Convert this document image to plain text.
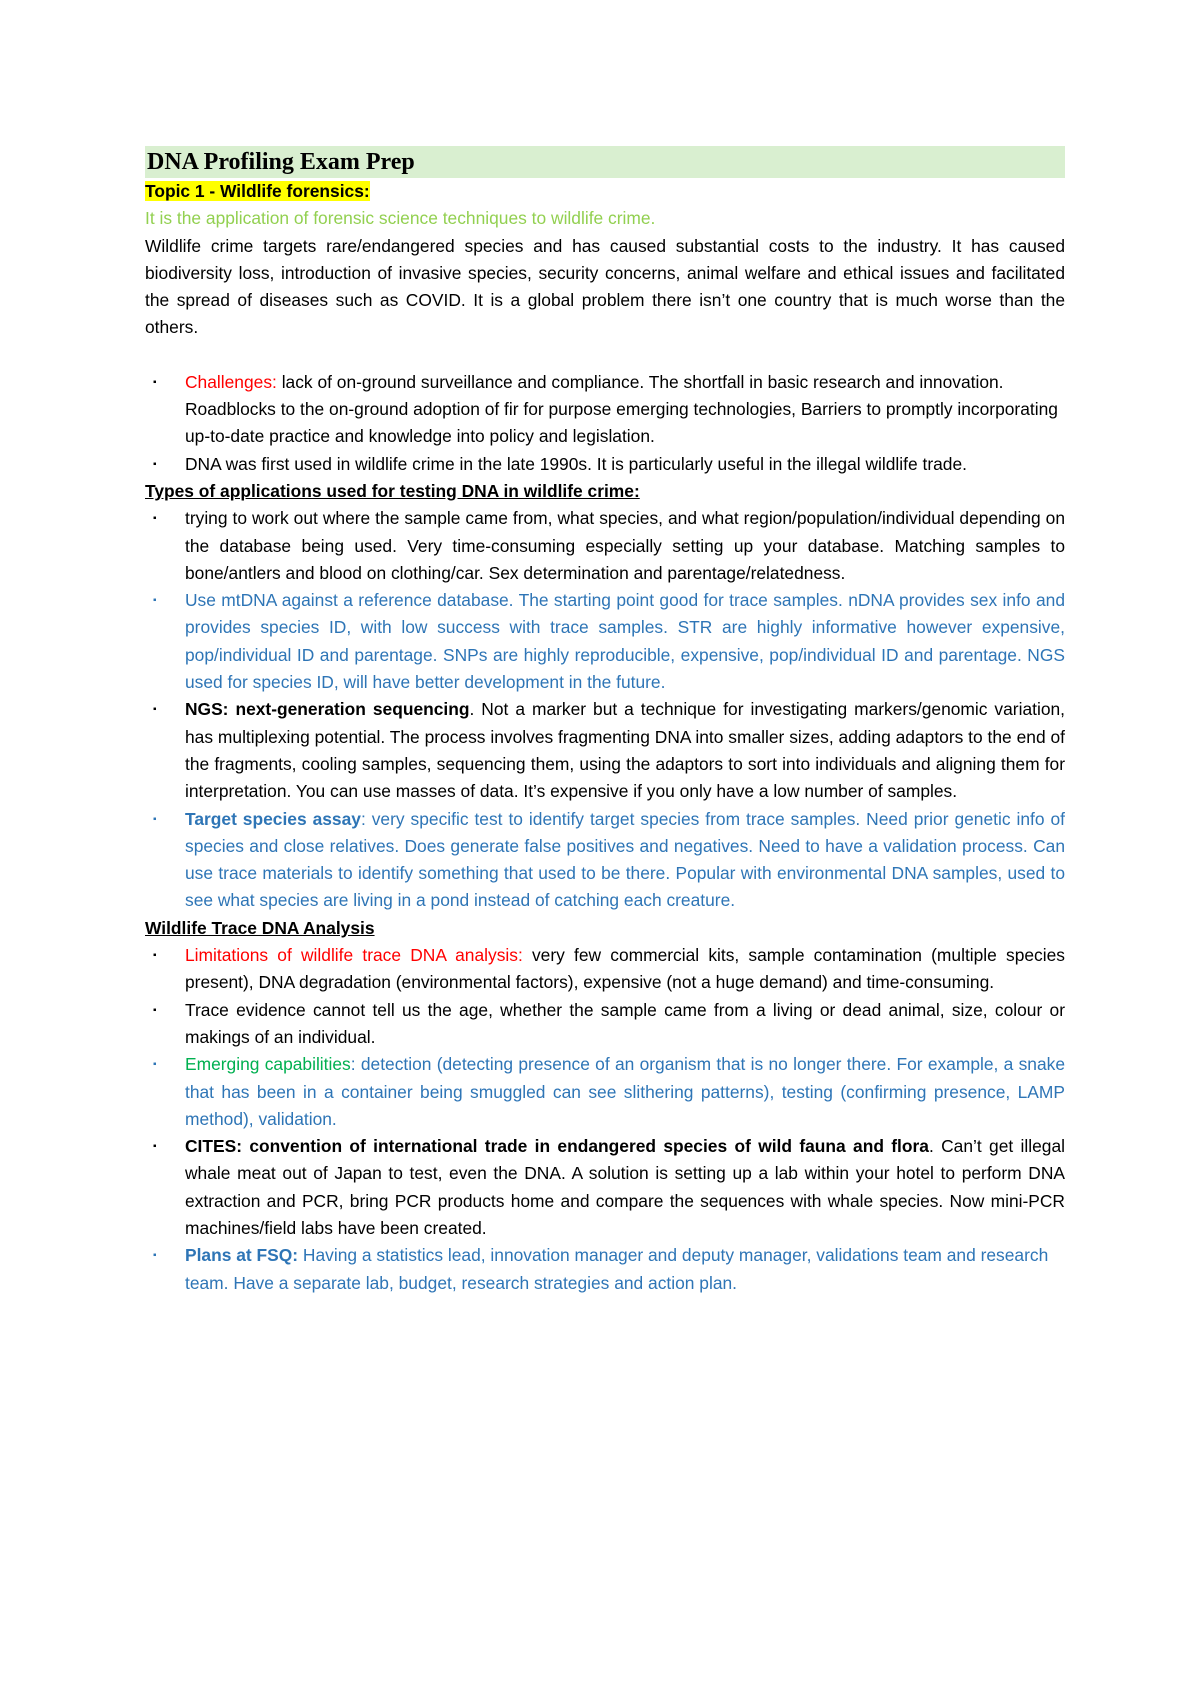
DNA Profiling Exam Prep
Topic 1 - Wildlife forensics:
It is the application of forensic science techniques to wildlife crime.
Wildlife crime targets rare/endangered species and has caused substantial costs to the industry. It has caused biodiversity loss, introduction of invasive species, security concerns, animal welfare and ethical issues and facilitated the spread of diseases such as COVID. It is a global problem there isn’t one country that is much worse than the others.
▪ Challenges: lack of on-ground surveillance and compliance. The shortfall in basic research and innovation. Roadblocks to the on-ground adoption of fir for purpose emerging technologies, Barriers to promptly incorporating up-to-date practice and knowledge into policy and legislation.
▪ DNA was first used in wildlife crime in the late 1990s. It is particularly useful in the illegal wildlife trade.
Types of applications used for testing DNA in wildlife crime:
▪ trying to work out where the sample came from, what species, and what region/population/individual depending on the database being used. Very time-consuming especially setting up your database. Matching samples to bone/antlers and blood on clothing/car. Sex determination and parentage/relatedness.
▪ Use mtDNA against a reference database. The starting point good for trace samples. nDNA provides sex info and provides species ID, with low success with trace samples. STR are highly informative however expensive, pop/individual ID and parentage. SNPs are highly reproducible, expensive, pop/individual ID and parentage. NGS used for species ID, will have better development in the future.
▪ NGS: next-generation sequencing. Not a marker but a technique for investigating markers/genomic variation, has multiplexing potential. The process involves fragmenting DNA into smaller sizes, adding adaptors to the end of the fragments, cooling samples, sequencing them, using the adaptors to sort into individuals and aligning them for interpretation. You can use masses of data. It’s expensive if you only have a low number of samples.
▪ Target species assay: very specific test to identify target species from trace samples. Need prior genetic info of species and close relatives. Does generate false positives and negatives. Need to have a validation process. Can use trace materials to identify something that used to be there. Popular with environmental DNA samples, used to see what species are living in a pond instead of catching each creature.
Wildlife Trace DNA Analysis
▪ Limitations of wildlife trace DNA analysis: very few commercial kits, sample contamination (multiple species present), DNA degradation (environmental factors), expensive (not a huge demand) and time-consuming.
▪ Trace evidence cannot tell us the age, whether the sample came from a living or dead animal, size, colour or makings of an individual.
▪ Emerging capabilities: detection (detecting presence of an organism that is no longer there. For example, a snake that has been in a container being smuggled can see slithering patterns), testing (confirming presence, LAMP method), validation.
▪ CITES: convention of international trade in endangered species of wild fauna and flora. Can’t get illegal whale meat out of Japan to test, even the DNA. A solution is setting up a lab within your hotel to perform DNA extraction and PCR, bring PCR products home and compare the sequences with whale species. Now mini-PCR machines/field labs have been created.
▪ Plans at FSQ: Having a statistics lead, innovation manager and deputy manager, validations team and research team. Have a separate lab, budget, research strategies and action plan.
